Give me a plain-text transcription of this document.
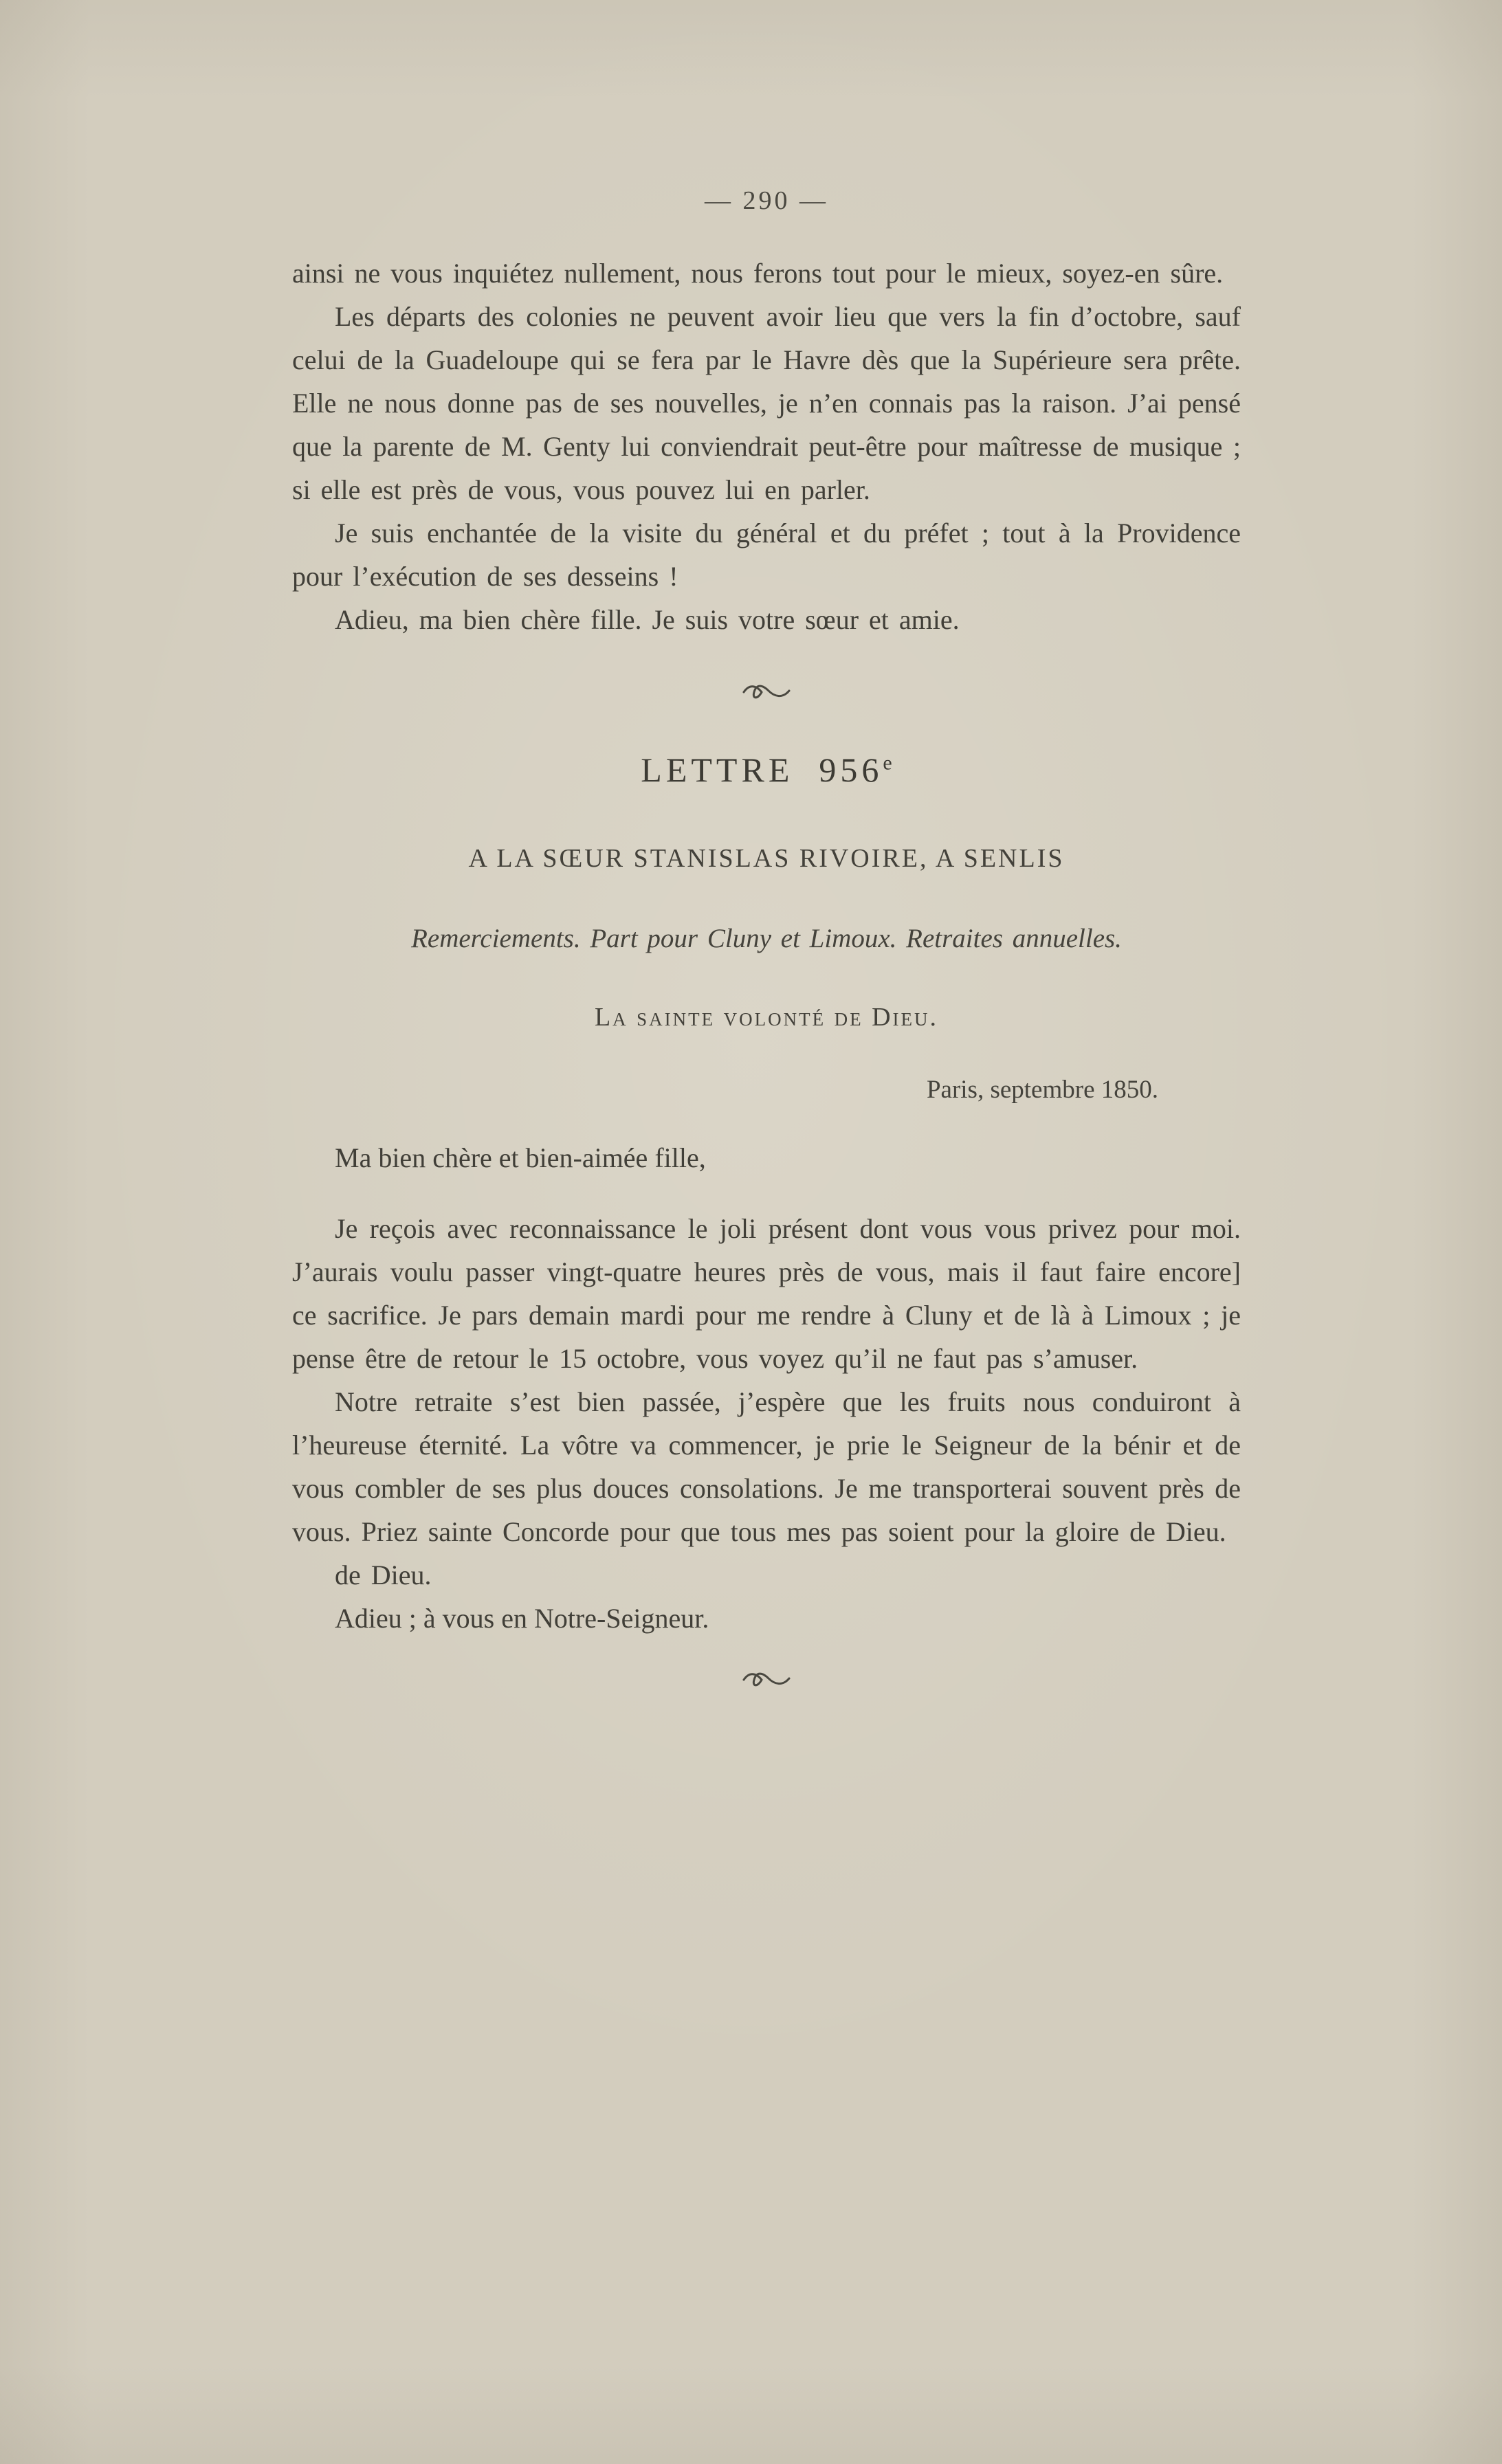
— 290 —

ainsi ne vous inquiétez nullement, nous ferons tout pour le mieux, soyez-en sûre.

Les départs des colonies ne peuvent avoir lieu que vers la fin d’octobre, sauf celui de la Guadeloupe qui se fera par le Havre dès que la Supérieure sera prête. Elle ne nous donne pas de ses nouvelles, je n’en connais pas la raison. J’ai pensé que la parente de M. Genty lui conviendrait peut-être pour maîtresse de musique ; si elle est près de vous, vous pouvez lui en parler.

Je suis enchantée de la visite du général et du préfet ; tout à la Providence pour l’exécution de ses desseins !

Adieu, ma bien chère fille. Je suis votre sœur et amie.

LETTRE 956e
A LA SŒUR STANISLAS RIVOIRE, A SENLIS
Remerciements. Part pour Cluny et Limoux. Retraites annuelles.
La sainte volonté de Dieu.
Paris, septembre 1850.

Ma bien chère et bien-aimée fille,

Je reçois avec reconnaissance le joli présent dont vous vous privez pour moi. J’aurais voulu passer vingt-quatre heures près de vous, mais il faut faire encore] ce sacrifice. Je pars demain mardi pour me rendre à Cluny et de là à Limoux ; je pense être de retour le 15 octobre, vous voyez qu’il ne faut pas s’amuser.

Notre retraite s’est bien passée, j’espère que les fruits nous conduiront à l’heureuse éternité. La vôtre va commencer, je prie le Seigneur de la bénir et de vous combler de ses plus douces consolations. Je me transporterai souvent près de vous. Priez sainte Concorde pour que tous mes pas soient pour la gloire de Dieu.

de Dieu.

Adieu ; à vous en Notre-Seigneur.
